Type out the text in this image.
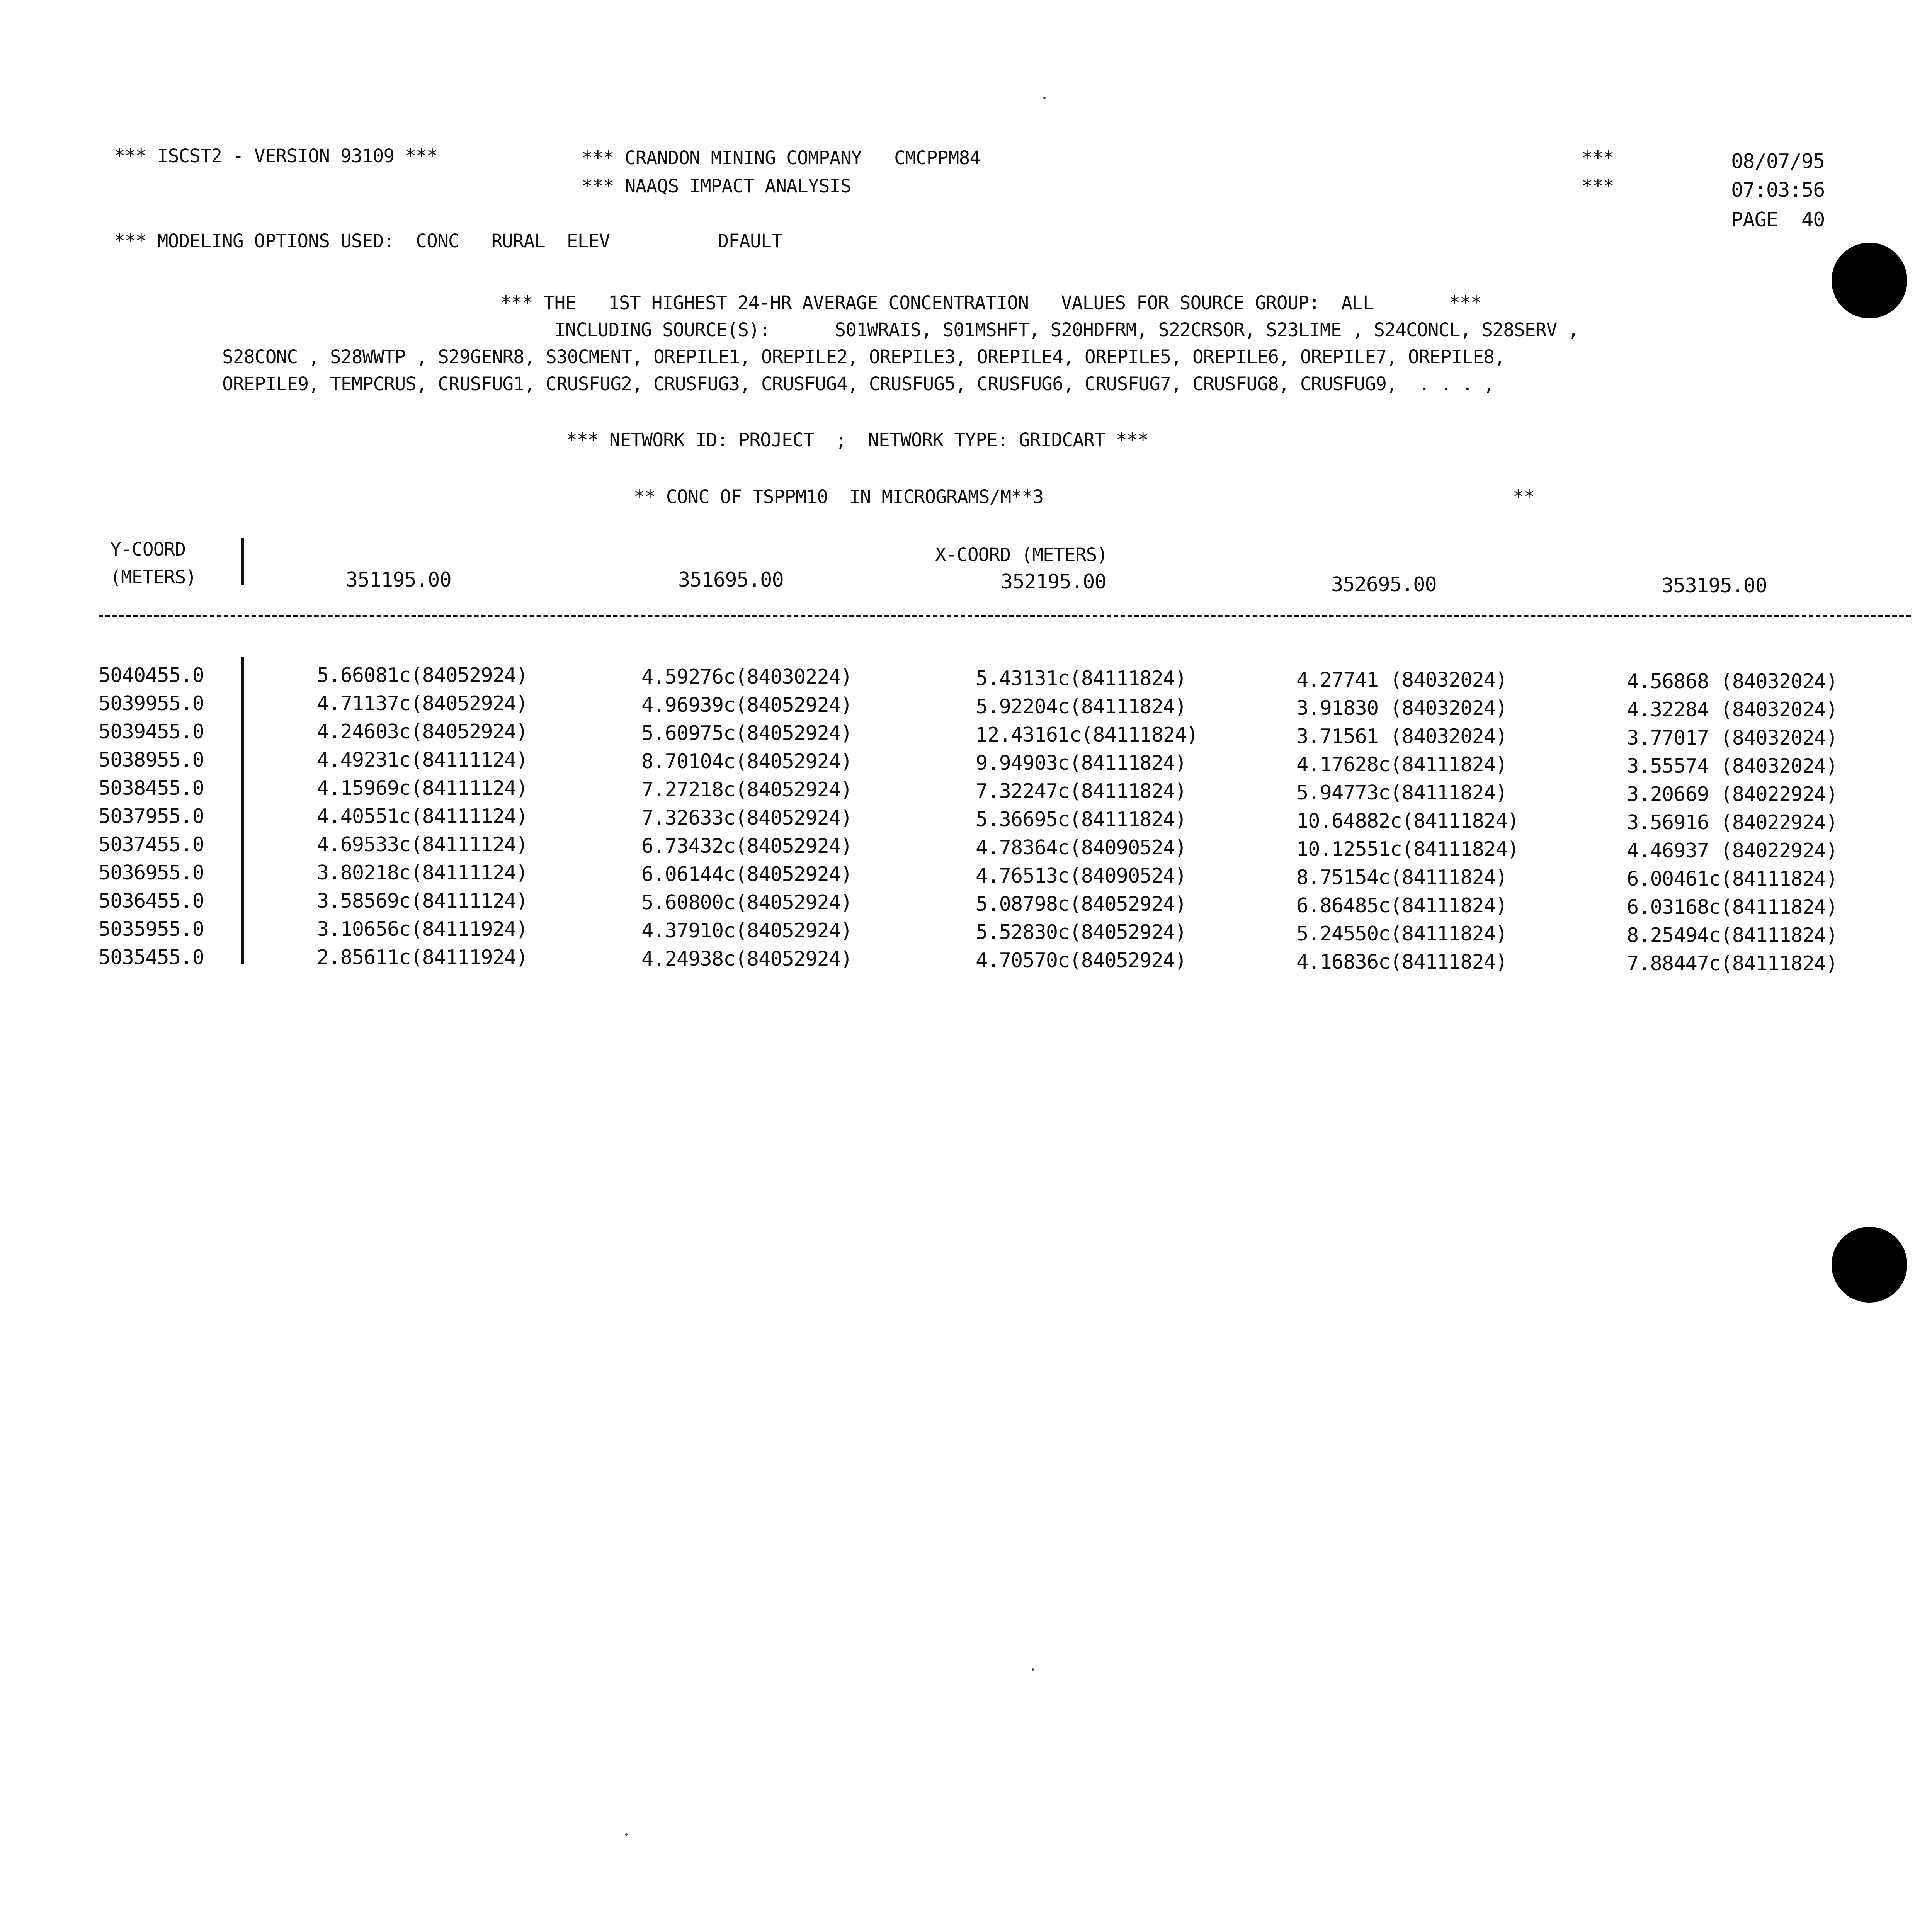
*** ISCST2 - VERSION 93109 ***	*** CRANDON MINING COMPANY   CMCPPM84
*** NAAQS IMPACT ANALYSIS
***
***
08/07/95
07:03:56
PAGE  40
*** MODELING OPTIONS USED:  CONC   RURAL  ELEV          DFAULT
*** THE   1ST HIGHEST 24-HR AVERAGE CONCENTRATION   VALUES FOR SOURCE GROUP:  ALL       ***
INCLUDING SOURCE(S):      S01WRAIS, S01MSHFT, S20HDFRM, S22CRSOR, S23LIME , S24CONCL, S28SERV ,
S28CONC , S28WWTP , S29GENR8, S30CMENT, OREPILE1, OREPILE2, OREPILE3, OREPILE4, OREPILE5, OREPILE6, OREPILE7, OREPILE8,
OREPILE9, TEMPCRUS, CRUSFUG1, CRUSFUG2, CRUSFUG3, CRUSFUG4, CRUSFUG5, CRUSFUG6, CRUSFUG7, CRUSFUG8, CRUSFUG9,  . . . ,
*** NETWORK ID: PROJECT  ;  NETWORK TYPE: GRIDCART ***
** CONC OF TSPPM10  IN MICROGRAMS/M**3	**
Y-COORD
(METERS)
X-COORD (METERS)
351195.00	351695.00	352195.00	352695.00	353195.00
5040455.0	5.66081c(84052924)	4.59276c(84030224)	5.43131c(84111824)	4.27741 (84032024)	4.56868 (84032024)
5039955.0	4.71137c(84052924)	4.96939c(84052924)	5.92204c(84111824)	3.91830 (84032024)	4.32284 (84032024)
5039455.0	4.24603c(84052924)	5.60975c(84052924)	12.43161c(84111824)	3.71561 (84032024)	3.77017 (84032024)
5038955.0	4.49231c(84111124)	8.70104c(84052924)	9.94903c(84111824)	4.17628c(84111824)	3.55574 (84032024)
5038455.0	4.15969c(84111124)	7.27218c(84052924)	7.32247c(84111824)	5.94773c(84111824)	3.20669 (84022924)
5037955.0	4.40551c(84111124)	7.32633c(84052924)	5.36695c(84111824)	10.64882c(84111824)	3.56916 (84022924)
5037455.0	4.69533c(84111124)	6.73432c(84052924)	4.78364c(84090524)	10.12551c(84111824)	4.46937 (84022924)
5036955.0	3.80218c(84111124)	6.06144c(84052924)	4.76513c(84090524)	8.75154c(84111824)	6.00461c(84111824)
5036455.0	3.58569c(84111124)	5.60800c(84052924)	5.08798c(84052924)	6.86485c(84111824)	6.03168c(84111824)
5035955.0	3.10656c(84111924)	4.37910c(84052924)	5.52830c(84052924)	5.24550c(84111824)	8.25494c(84111824)
5035455.0	2.85611c(84111924)	4.24938c(84052924)	4.70570c(84052924)	4.16836c(84111824)	7.88447c(84111824)
